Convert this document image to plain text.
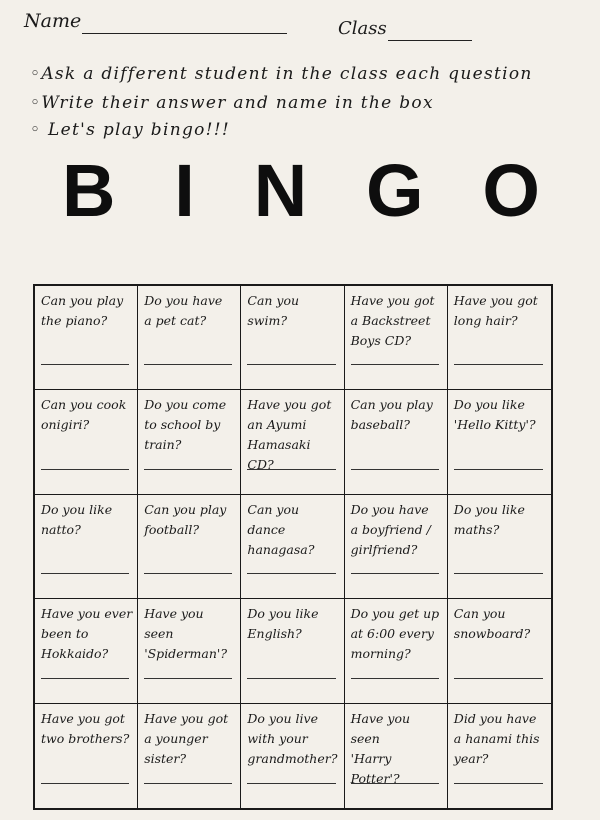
Name	Class
◦Ask a different student in the class each question
◦Write their answer and name in the box
◦ Let's play bingo!!!
B I N G O
Can you play
the piano?
Do you have
a pet cat?
Can you swim?
Have you got
a Backstreet
Boys CD?
Have you got
long hair?
Can you cook
onigiri?
Do you come
to school by
train?
Have you got
an Ayumi
Hamasaki CD?
Can you play
baseball?
Do you like
'Hello Kitty'?
Do you like
natto?
Can you play
football?
Can you dance
hanagasa?
Do you have
a boyfriend /
girlfriend?
Do you like
maths?
Have you ever
been to Hokkaido?
Have you seen
'Spiderman'?
Do you like
English?
Do you get up
at 6:00 every
morning?
Can you
snowboard?
Have you got
two brothers?
Have you got
a younger
sister?
Do you live
with your
grandmother?
Have you seen
'Harry Potter'?
Did you have
a hanami this
year?
